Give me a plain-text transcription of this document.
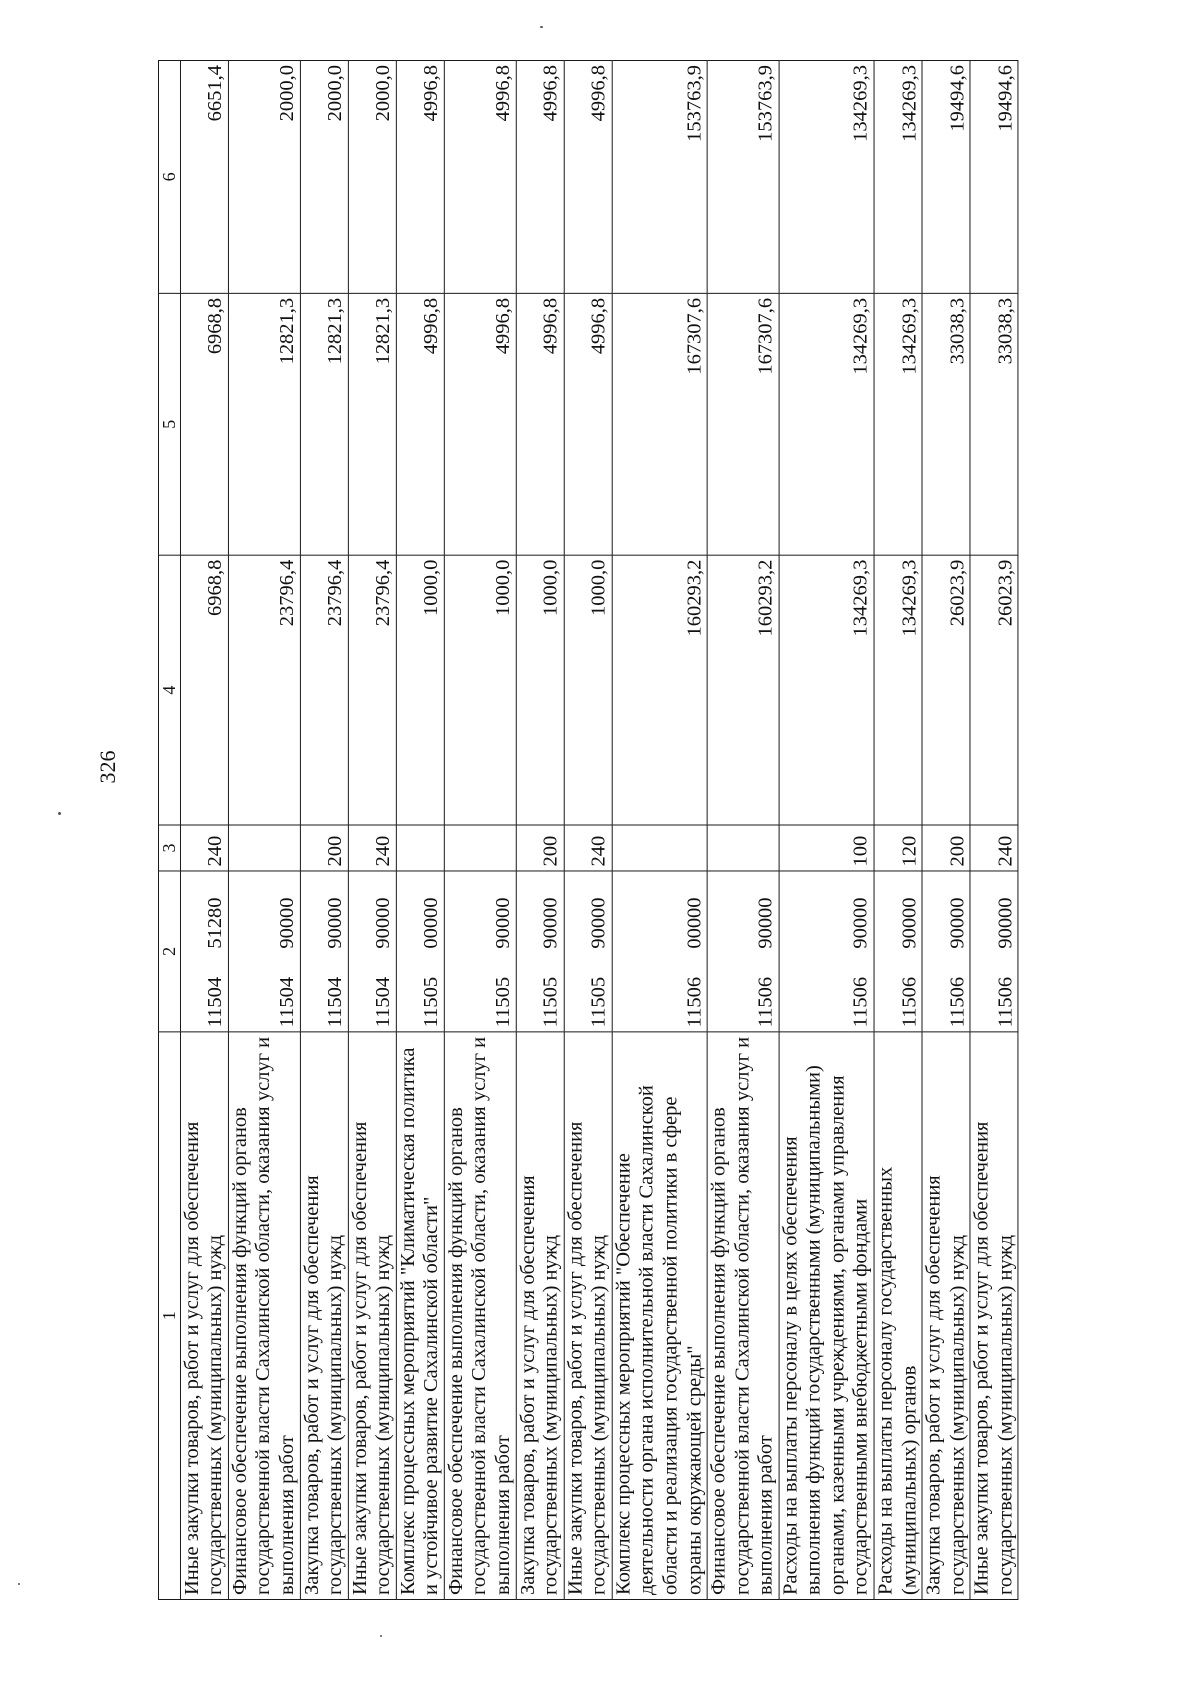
326
1	2	3	4	5	6
Иные закупки товаров, работ и услуг для обеспечения государственных (муниципальных) нужд	1150451280	240	6968,8	6968,8	6651,4
Финансовое обеспечение выполнения функций органов государственной власти Сахалинской области, оказания услуг и выполнения работ	1150490000		23796,4	12821,3	2000,0
Закупка товаров, работ и услуг для обеспечения государственных (муниципальных) нужд	1150490000	200	23796,4	12821,3	2000,0
Иные закупки товаров, работ и услуг для обеспечения государственных (муниципальных) нужд	1150490000	240	23796,4	12821,3	2000,0
Комплекс процессных мероприятий "Климатическая политика и устойчивое развитие Сахалинской области"	1150500000		1000,0	4996,8	4996,8
Финансовое обеспечение выполнения функций органов государственной власти Сахалинской области, оказания услуг и выполнения работ	1150590000		1000,0	4996,8	4996,8
Закупка товаров, работ и услуг для обеспечения государственных (муниципальных) нужд	1150590000	200	1000,0	4996,8	4996,8
Иные закупки товаров, работ и услуг для обеспечения государственных (муниципальных) нужд	1150590000	240	1000,0	4996,8	4996,8
Комплекс процессных мероприятий "Обеспечение деятельности органа исполнительной власти Сахалинской области и реализация государственной политики в сфере охраны окружающей среды"	1150600000		160293,2	167307,6	153763,9
Финансовое обеспечение выполнения функций органов государственной власти Сахалинской области, оказания услуг и выполнения работ	1150690000		160293,2	167307,6	153763,9
Расходы на выплаты персоналу в целях обеспечения выполнения функций государственными (муниципальными) органами, казенными учреждениями, органами управления государственными внебюджетными фондами	1150690000	100	134269,3	134269,3	134269,3
Расходы на выплаты персоналу государственных (муниципальных) органов	1150690000	120	134269,3	134269,3	134269,3
Закупка товаров, работ и услуг для обеспечения государственных (муниципальных) нужд	1150690000	200	26023,9	33038,3	19494,6
Иные закупки товаров, работ и услуг для обеспечения государственных (муниципальных) нужд	1150690000	240	26023,9	33038,3	19494,6
